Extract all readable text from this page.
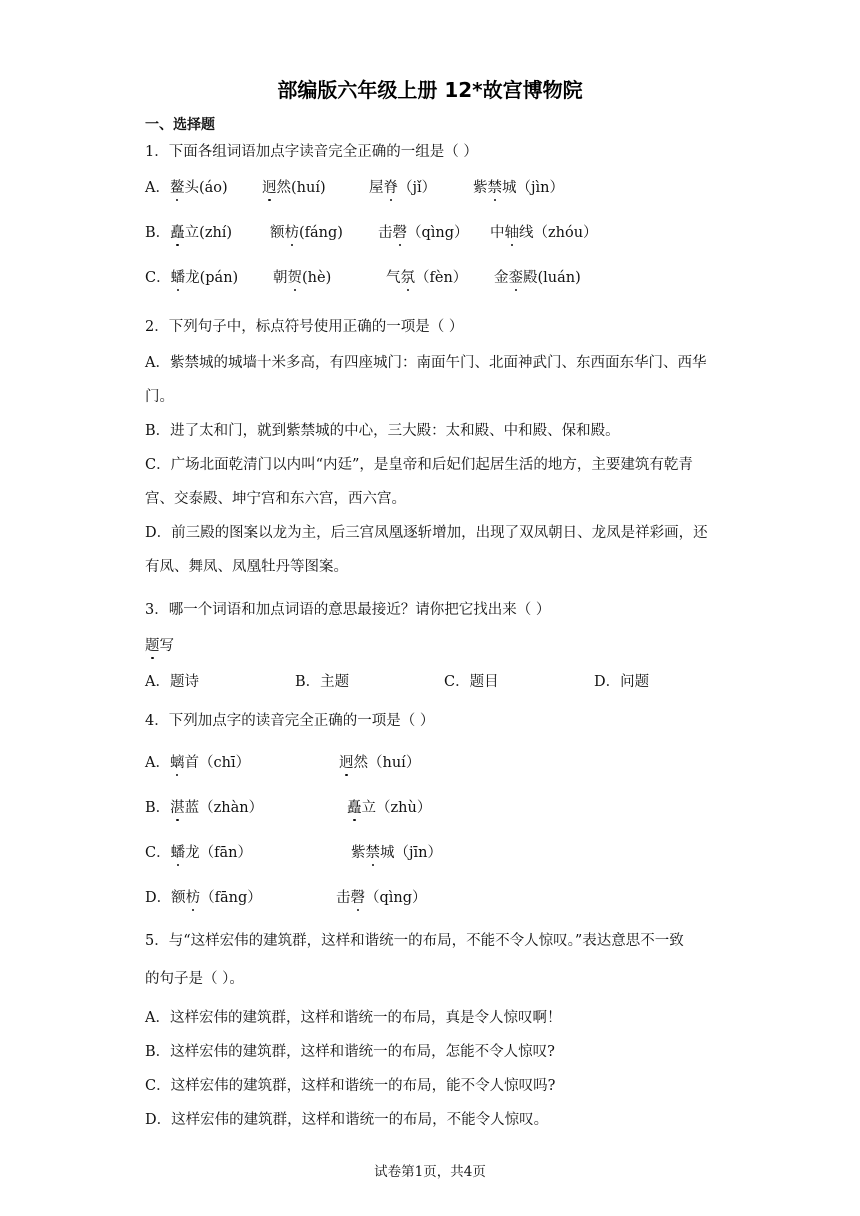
部编版六年级上册 12*故宫博物院
一、选择题
1．下面各组词语加点字读音完全正确的一组是（ ）
A．鳌头(áo) 迥然(huí)	屋脊（jǐ）	紫禁城（jìn）
B．矗立(zhí)	额枋(fáng) 击磬（qìng） 中轴线（zhóu）
C．蟠龙(pán) 朝贺(hè)	气氛（fèn） 金銮殿(luán)
2．下列句子中，标点符号使用正确的一项是（ ）
A．紫禁城的城墙十米多高，有四座城门：南面午门、北面神武门、东西面东华门、西华门。
B．进了太和门，就到紫禁城的中心，三大殿：太和殿、中和殿、保和殿。
C．广场北面乾清门以内叫“内廷”，是皇帝和后妃们起居生活的地方，主要建筑有乾青宫、交泰殿、坤宁宫和东六宫，西六宫。
D．前三殿的图案以龙为主，后三宫凤凰逐斩增加，出现了双凤朝日、龙凤是祥彩画，还有凤、舞凤、凤凰牡丹等图案。
3．哪一个词语和加点词语的意思最接近？请你把它找出来（ ）
题写
A．题诗	B．主题	C．题目	D．问题
4．下列加点字的读音完全正确的一项是（ ）
A．螭首（chī）	迥然（huí）
B．湛蓝（zhàn）	矗立（zhù）
C．蟠龙（fān）	紫禁城（jīn）
D．额枋（fāng）	击磬（qìng）
5．与“这样宏伟的建筑群，这样和谐统一的布局，不能不令人惊叹。”表达意思不一致
的句子是（ ）。
A．这样宏伟的建筑群，这样和谐统一的布局，真是令人惊叹啊！
B．这样宏伟的建筑群，这样和谐统一的布局，怎能不令人惊叹?
C．这样宏伟的建筑群，这样和谐统一的布局，能不令人惊叹吗?
D．这样宏伟的建筑群，这样和谐统一的布局，不能令人惊叹。
试卷第1页，共4页
